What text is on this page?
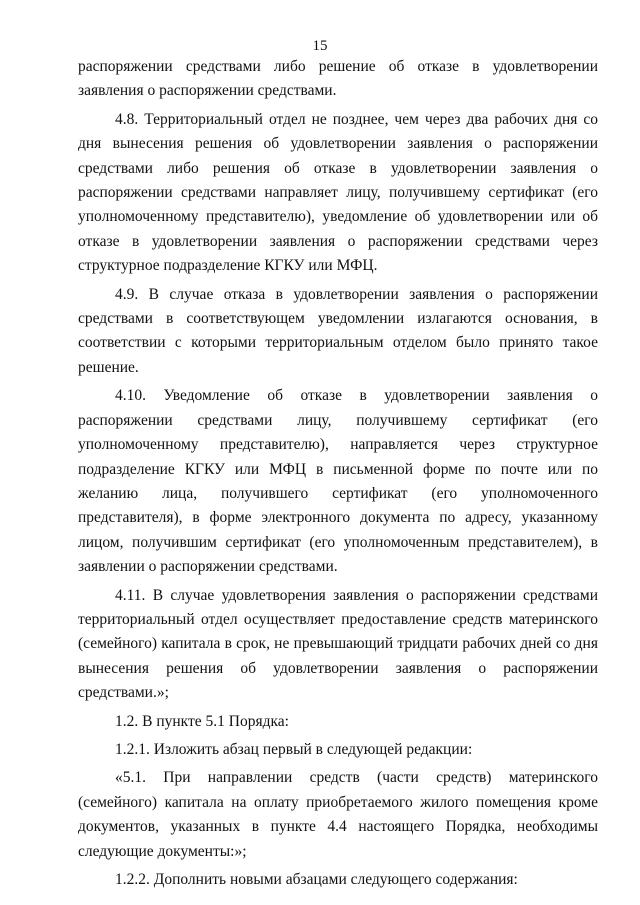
15

распоряжении средствами либо решение об отказе в удовлетворении заявления о распоряжении средствами.

4.8. Территориальный отдел не позднее, чем через два рабочих дня со дня вынесения решения об удовлетворении заявления о распоряжении средствами либо решения об отказе в удовлетворении заявления о распоряжении средствами направляет лицу, получившему сертификат (его уполномоченному представителю), уведомление об удовлетворении или об отказе в удовлетворении заявления о распоряжении средствами через структурное подразделение КГКУ или МФЦ.

4.9. В случае отказа в удовлетворении заявления о распоряжении средствами в соответствующем уведомлении излагаются основания, в соответствии с которыми территориальным отделом было принято такое решение.

4.10. Уведомление об отказе в удовлетворении заявления о распоряжении средствами лицу, получившему сертификат (его уполномоченному представителю), направляется через структурное подразделение КГКУ или МФЦ в письменной форме по почте или по желанию лица, получившего сертификат (его уполномоченного представителя), в форме электронного документа по адресу, указанному лицом, получившим сертификат (его уполномоченным представителем), в заявлении о распоряжении средствами.

4.11. В случае удовлетворения заявления о распоряжении средствами территориальный отдел осуществляет предоставление средств материнского (семейного) капитала в срок, не превышающий тридцати рабочих дней со дня вынесения решения об удовлетворении заявления о распоряжении средствами.»;

1.2. В пункте 5.1 Порядка:

1.2.1. Изложить абзац первый в следующей редакции:

«5.1. При направлении средств (части средств) материнского (семейного) капитала на оплату приобретаемого жилого помещения кроме документов, указанных в пункте 4.4 настоящего Порядка, необходимы следующие документы:»;

1.2.2. Дополнить новыми абзацами следующего содержания:
